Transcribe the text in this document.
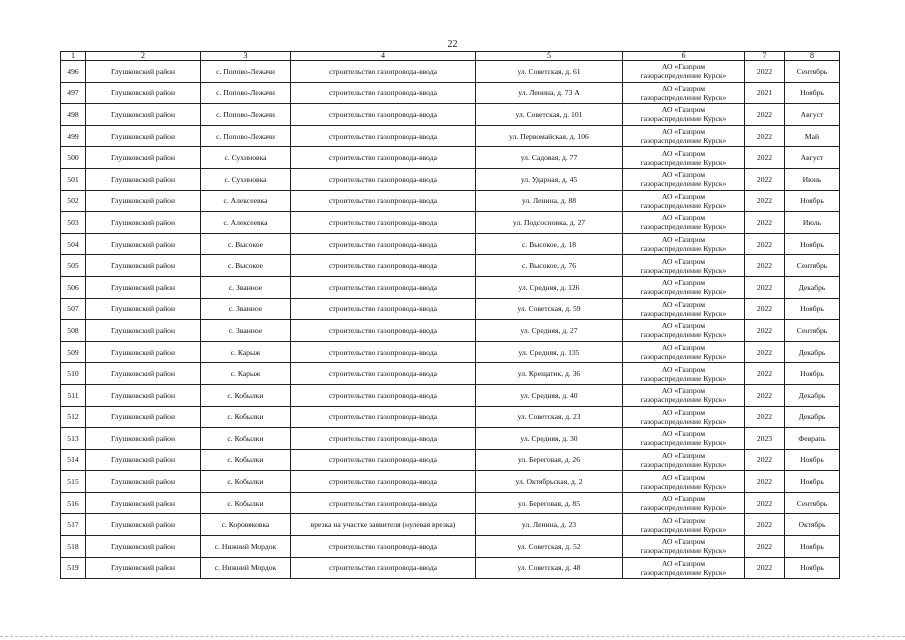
22
1	2	3	4	5	6	7	8
496	Глушковский район	с. Попово-Лежачи	строительство газопровода-ввода	ул. Советская, д. 61	АО «Газпром
газораспределение Курск»	2022	Сентябрь
497	Глушковский район	с. Попово-Лежачи	строительство газопровода-ввода	ул. Ленина, д. 73 А	АО «Газпром
газораспределение Курск»	2021	Ноябрь
498	Глушковский район	с. Попово-Лежачи	строительство газопровода-ввода	ул. Советская, д. 101	АО «Газпром
газораспределение Курск»	2022	Август
499	Глушковский район	с. Попово-Лежачи	строительство газопровода-ввода	ул. Первомайская, д. 106	АО «Газпром
газораспределение Курск»	2022	Май
500	Глушковский район	с. Сухиновка	строительство газопровода-ввода	ул. Садовая, д. 77	АО «Газпром
газораспределение Курск»	2022	Август
501	Глушковский район	с. Сухиновка	строительство газопровода-ввода	ул. Ударная, д. 45	АО «Газпром
газораспределение Курск»	2022	Июнь
502	Глушковский район	с. Алексеевка	строительство газопровода-ввода	ул. Ленина, д. 88	АО «Газпром
газораспределение Курск»	2022	Ноябрь
503	Глушковский район	с. Алексеевка	строительство газопровода-ввода	ул. Подсосновка, д. 27	АО «Газпром
газораспределение Курск»	2022	Июль
504	Глушковский район	с. Высокое	строительство газопровода-ввода	с. Высокое, д. 18	АО «Газпром
газораспределение Курск»	2022	Ноябрь
505	Глушковский район	с. Высокое	строительство газопровода-ввода	с. Высокое, д. 76	АО «Газпром
газораспределение Курск»	2022	Сентябрь
506	Глушковский район	с. Званное	строительство газопровода-ввода	ул. Средняя, д. 126	АО «Газпром
газораспределение Курск»	2022	Декабрь
507	Глушковский район	с. Званное	строительство газопровода-ввода	ул. Советская, д. 59	АО «Газпром
газораспределение Курск»	2022	Ноябрь
508	Глушковский район	с. Званное	строительство газопровода-ввода	ул. Средняя, д. 27	АО «Газпром
газораспределение Курск»	2022	Сентябрь
509	Глушковский район	с. Карыж	строительство газопровода-ввода	ул. Средняя, д. 135	АО «Газпром
газораспределение Курск»	2022	Декабрь
510	Глушковский район	с. Карыж	строительство газопровода-ввода	ул. Крещатик, д. 36	АО «Газпром
газораспределение Курск»	2022	Ноябрь
511	Глушковский район	с. Кобылки	строительство газопровода-ввода	ул. Средняя, д. 40	АО «Газпром
газораспределение Курск»	2022	Декабрь
512	Глушковский район	с. Кобылки	строительство газопровода-ввода	ул. Советская, д. 23	АО «Газпром
газораспределение Курск»	2022	Декабрь
513	Глушковский район	с. Кобылки	строительство газопровода-ввода	ул. Средняя, д. 30	АО «Газпром
газораспределение Курск»	2023	Феврапь
514	Глушковский район	с. Кобылки	строительство газопровода-ввода	ул. Береговая, д. 26	АО «Газпром
газораспределение Курск»	2022	Ноябрь
515	Глушковский район	с. Кобылки	строительство газопровода-ввода	ул. Октябрьская, д. 2	АО «Газпром
газораспределение Курск»	2022	Ноябрь
516	Глушковский район	с. Кобылки	строительство газопровода-ввода	ул. Береговая, д. 85	АО «Газпром
газораспределение Курск»	2022	Сентябрь
517	Глушковский район	с. Коровяковка	врезка на участке заявителя (нулевая врезка)	ул. Ленина, д. 23	АО «Газпром
газораспределение Курск»	2022	Октябрь
518	Глушковский район	с. Нижний Мордок	строительство газопровода-ввода	ул. Советская, д. 52	АО «Газпром
газораспределение Курск»	2022	Ноябрь
519	Глушковский район	с. Нижний Мордок	строительство газопровода-ввода	ул. Советская, д. 48	АО «Газпром
газораспределение Курск»	2022	Ноябрь
